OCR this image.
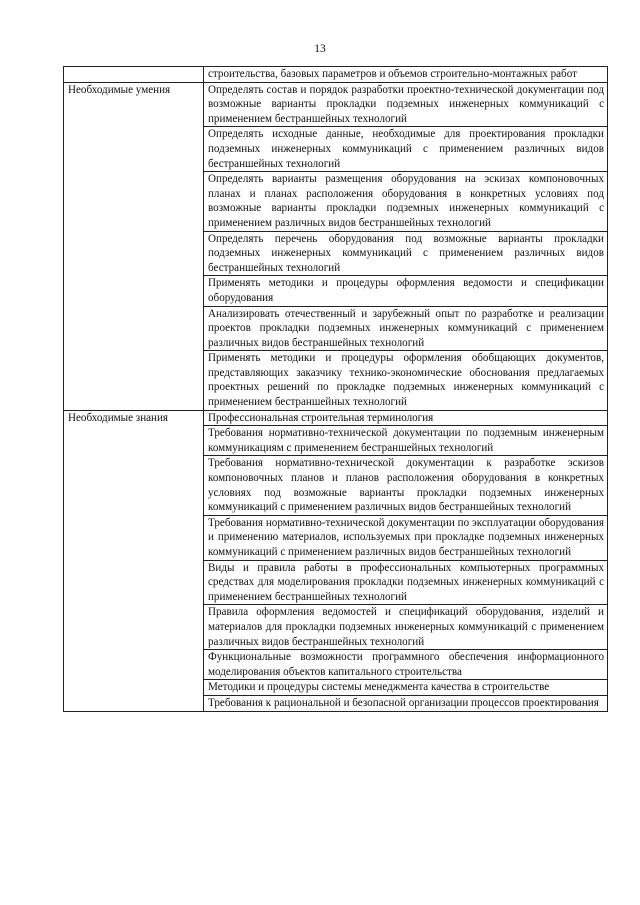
13
	строительства, базовых параметров и объемов строительно-монтажных работ
Необходимые умения	Определять состав и порядок разработки проектно-технической документации под возможные варианты прокладки подземных инженерных коммуникаций с применением бестраншейных технологий
	Определять исходные данные, необходимые для проектирования прокладки подземных инженерных коммуникаций с применением различных видов бестраншейных технологий
	Определять варианты размещения оборудования на эскизах компоновочных планах и планах расположения оборудования в конкретных условиях под возможные варианты прокладки подземных инженерных коммуникаций с применением различных видов бестраншейных технологий
	Определять перечень оборудования под возможные варианты прокладки подземных инженерных коммуникаций с применением различных видов бестраншейных технологий
	Применять методики и процедуры оформления ведомости и спецификации оборудования
	Анализировать отечественный и зарубежный опыт по разработке и реализации проектов прокладки подземных инженерных коммуникаций с применением различных видов бестраншейных технологий
	Применять методики и процедуры оформления обобщающих документов, представляющих заказчику технико-экономические обоснования предлагаемых проектных решений по прокладке подземных инженерных коммуникаций с применением бестраншейных технологий
Необходимые знания	Профессиональная строительная терминология
	Требования нормативно-технической документации по подземным инженерным коммуникациям с применением бестраншейных технологий
	Требования нормативно-технической документации к разработке эскизов компоновочных планов и планов расположения оборудования в конкретных условиях под возможные варианты прокладки подземных инженерных коммуникаций с применением различных видов бестраншейных технологий
	Требования нормативно-технической документации по эксплуатации оборудования и применению материалов, используемых при прокладке подземных инженерных коммуникаций с применением различных видов бестраншейных технологий
	Виды и правила работы в профессиональных компьютерных программных средствах для моделирования прокладки подземных инженерных коммуникаций с применением бестраншейных технологий
	Правила оформления ведомостей и спецификаций оборудования, изделий и материалов для прокладки подземных инженерных коммуникаций с применением различных видов бестраншейных технологий
	Функциональные возможности программного обеспечения информационного моделирования объектов капитального строительства
	Методики и процедуры системы менеджмента качества в строительстве
	Требования к рациональной и безопасной организации процессов проектирования
